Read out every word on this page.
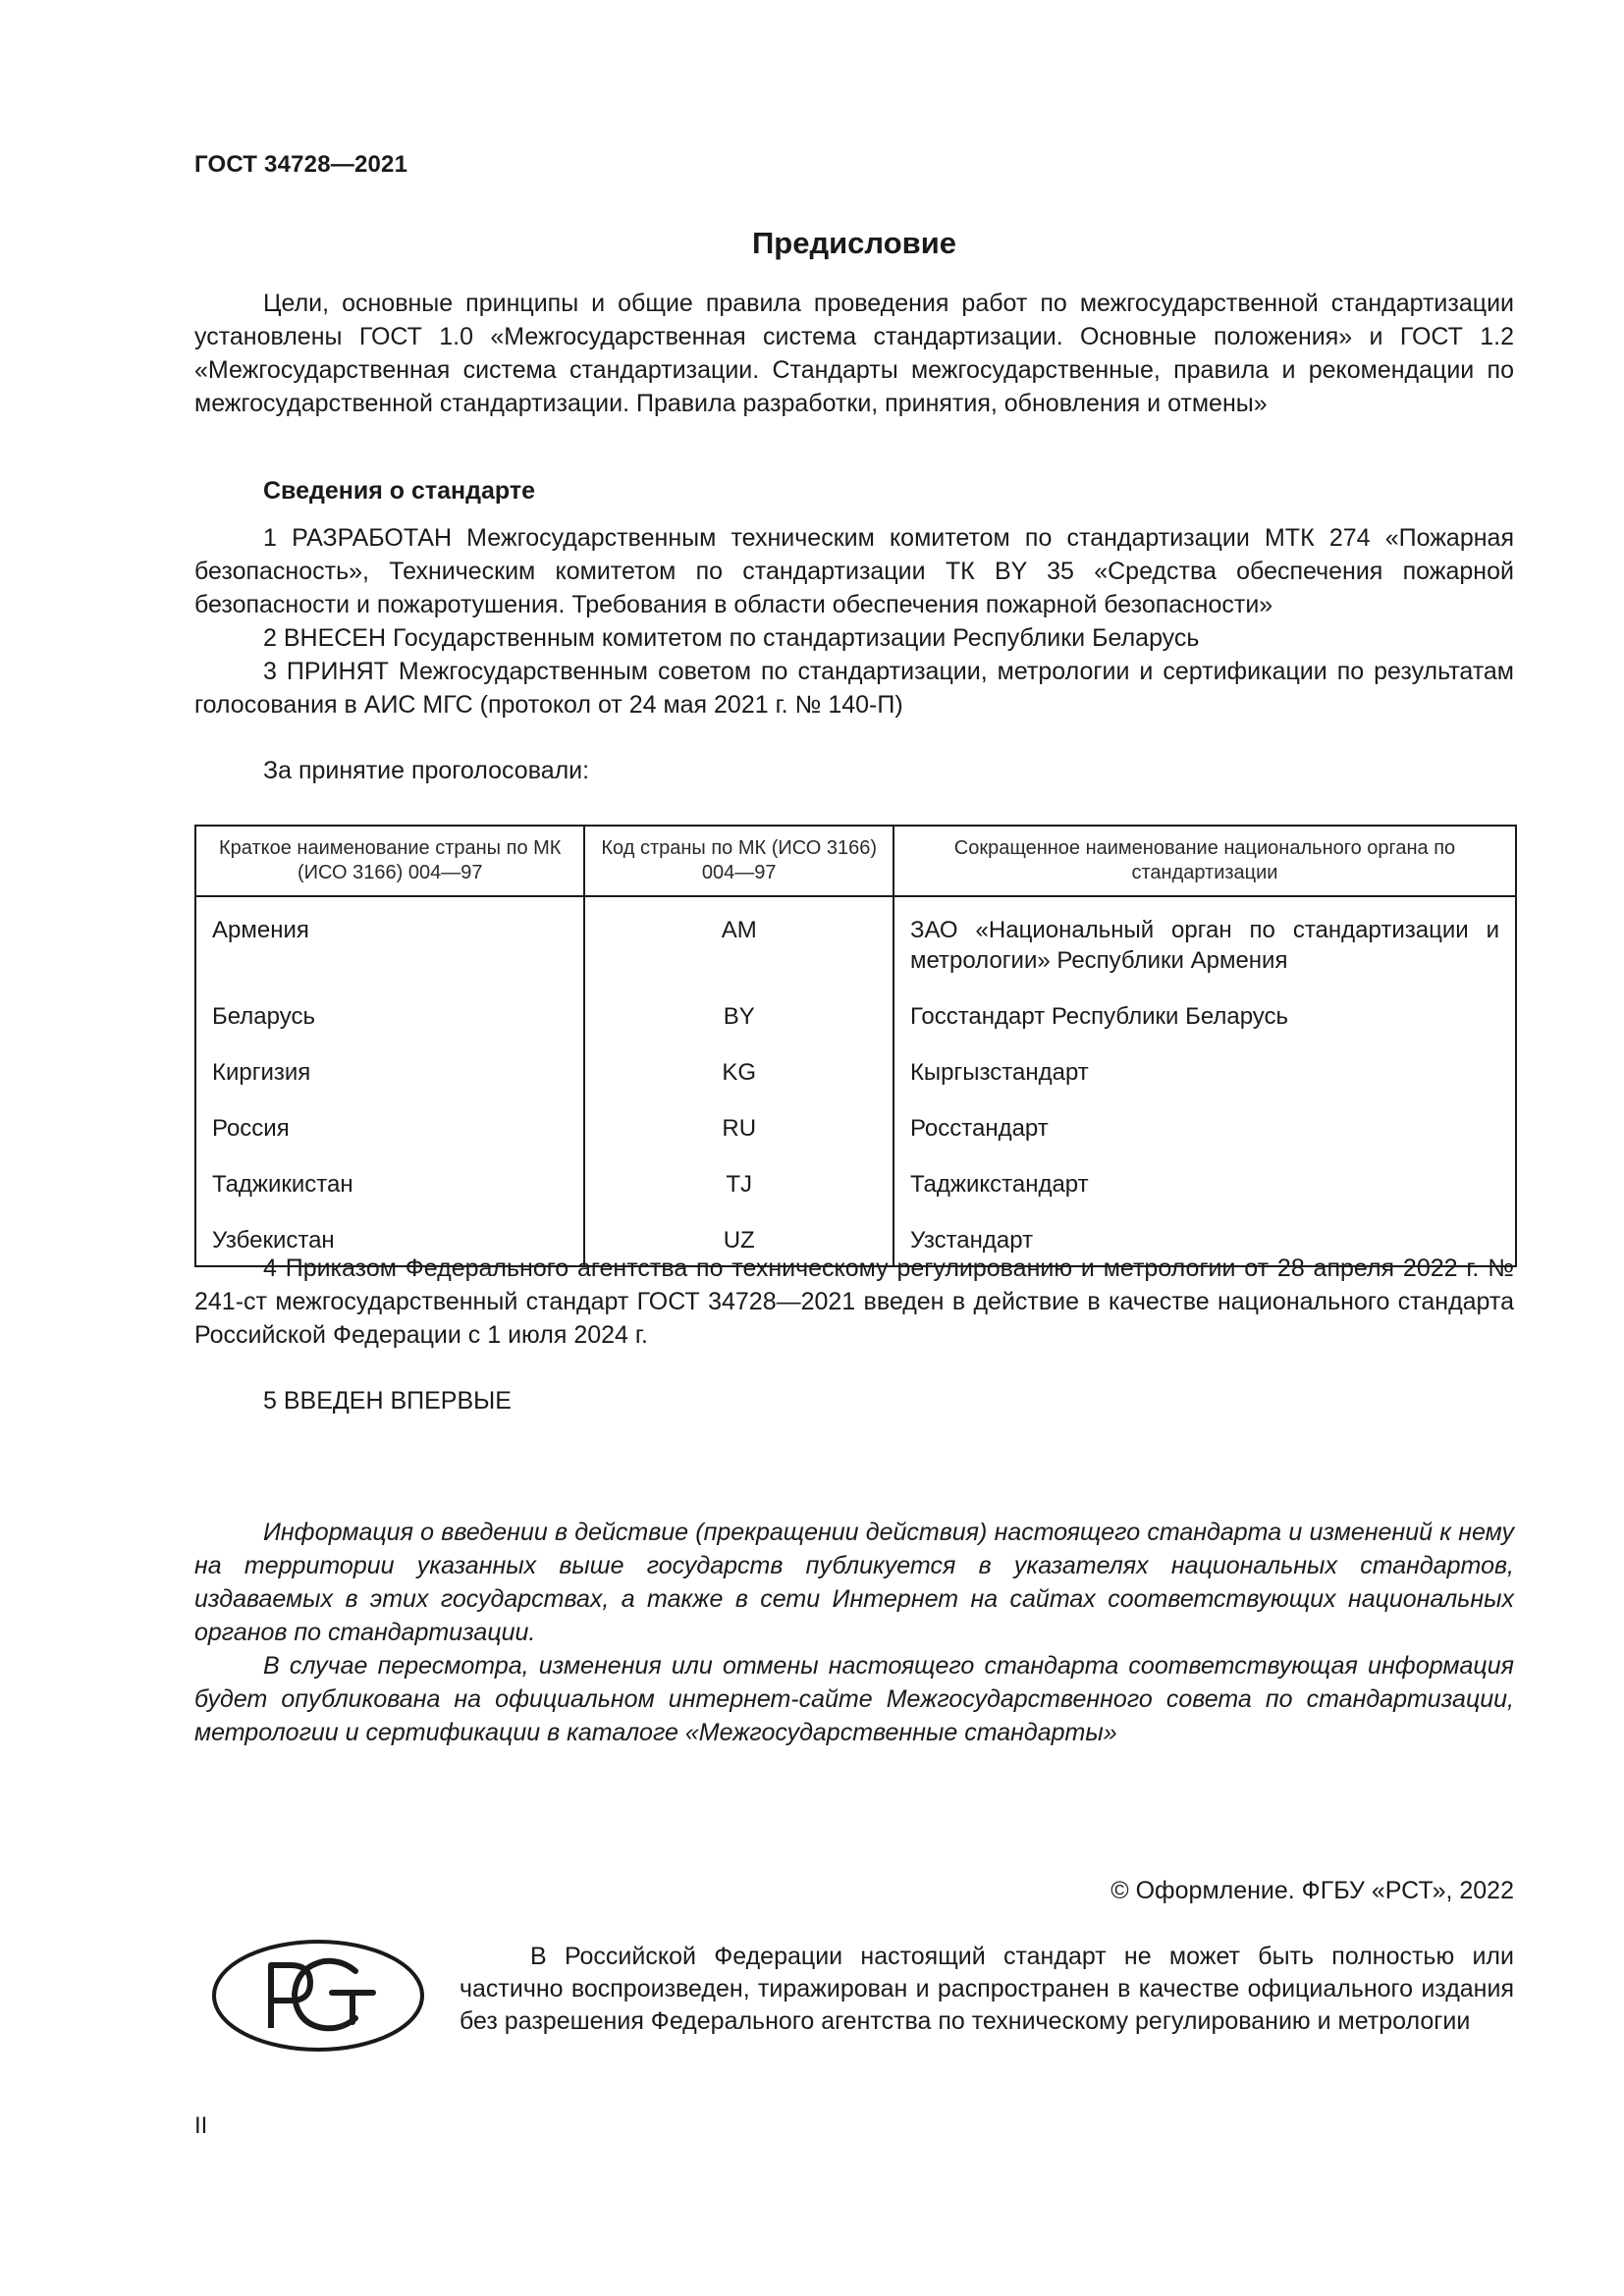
ГОСТ 34728—2021
Предисловие

Цели, основные принципы и общие правила проведения работ по межгосударственной стандартизации установлены ГОСТ 1.0 «Межгосударственная система стандартизации. Основные положения» и ГОСТ 1.2 «Межгосударственная система стандартизации. Стандарты межгосударственные, правила и рекомендации по межгосударственной стандартизации. Правила разработки, принятия, обновления и отмены»

Сведения о стандарте

1 РАЗРАБОТАН Межгосударственным техническим комитетом по стандартизации МТК 274 «Пожарная безопасность», Техническим комитетом по стандартизации ТК BY 35 «Средства обеспечения пожарной безопасности и пожаротушения. Требования в области обеспечения пожарной безопасности»

2 ВНЕСЕН Государственным комитетом по стандартизации Республики Беларусь

3 ПРИНЯТ Межгосударственным советом по стандартизации, метрологии и сертификации по результатам голосования в АИС МГС (протокол от 24 мая 2021 г. № 140-П)

За принятие проголосовали:

Краткое наименование страны по МК (ИСО 3166) 004—97	Код страны по МК (ИСО 3166) 004—97	Сокращенное наименование национального органа по стандартизации
Армения	AM	ЗАО «Национальный орган по стандартизации и метрологии» Республики Армения
Беларусь	BY	Госстандарт Республики Беларусь
Киргизия	KG	Кыргызстандарт
Россия	RU	Росстандарт
Таджикистан	TJ	Таджикстандарт
Узбекистан	UZ	Узстандарт

4 Приказом Федерального агентства по техническому регулированию и метрологии от 28 апреля 2022 г. № 241-ст межгосударственный стандарт ГОСТ 34728—2021 введен в действие в качестве национального стандарта Российской Федерации с 1 июля 2024 г.

5 ВВЕДЕН ВПЕРВЫЕ

Информация о введении в действие (прекращении действия) настоящего стандарта и изменений к нему на территории указанных выше государств публикуется в указателях национальных стандартов, издаваемых в этих государствах, а также в сети Интернет на сайтах соответствующих национальных органов по стандартизации.

В случае пересмотра, изменения или отмены настоящего стандарта соответствующая информация будет опубликована на официальном интернет-сайте Межгосударственного совета по стандартизации, метрологии и сертификации в каталоге «Межгосударственные стандарты»

© Оформление. ФГБУ «РСТ», 2022

В Российской Федерации настоящий стандарт не может быть полностью или частично воспроизведен, тиражирован и распространен в качестве официального издания без разрешения Федерального агентства по техническому регулированию и метрологии

II
